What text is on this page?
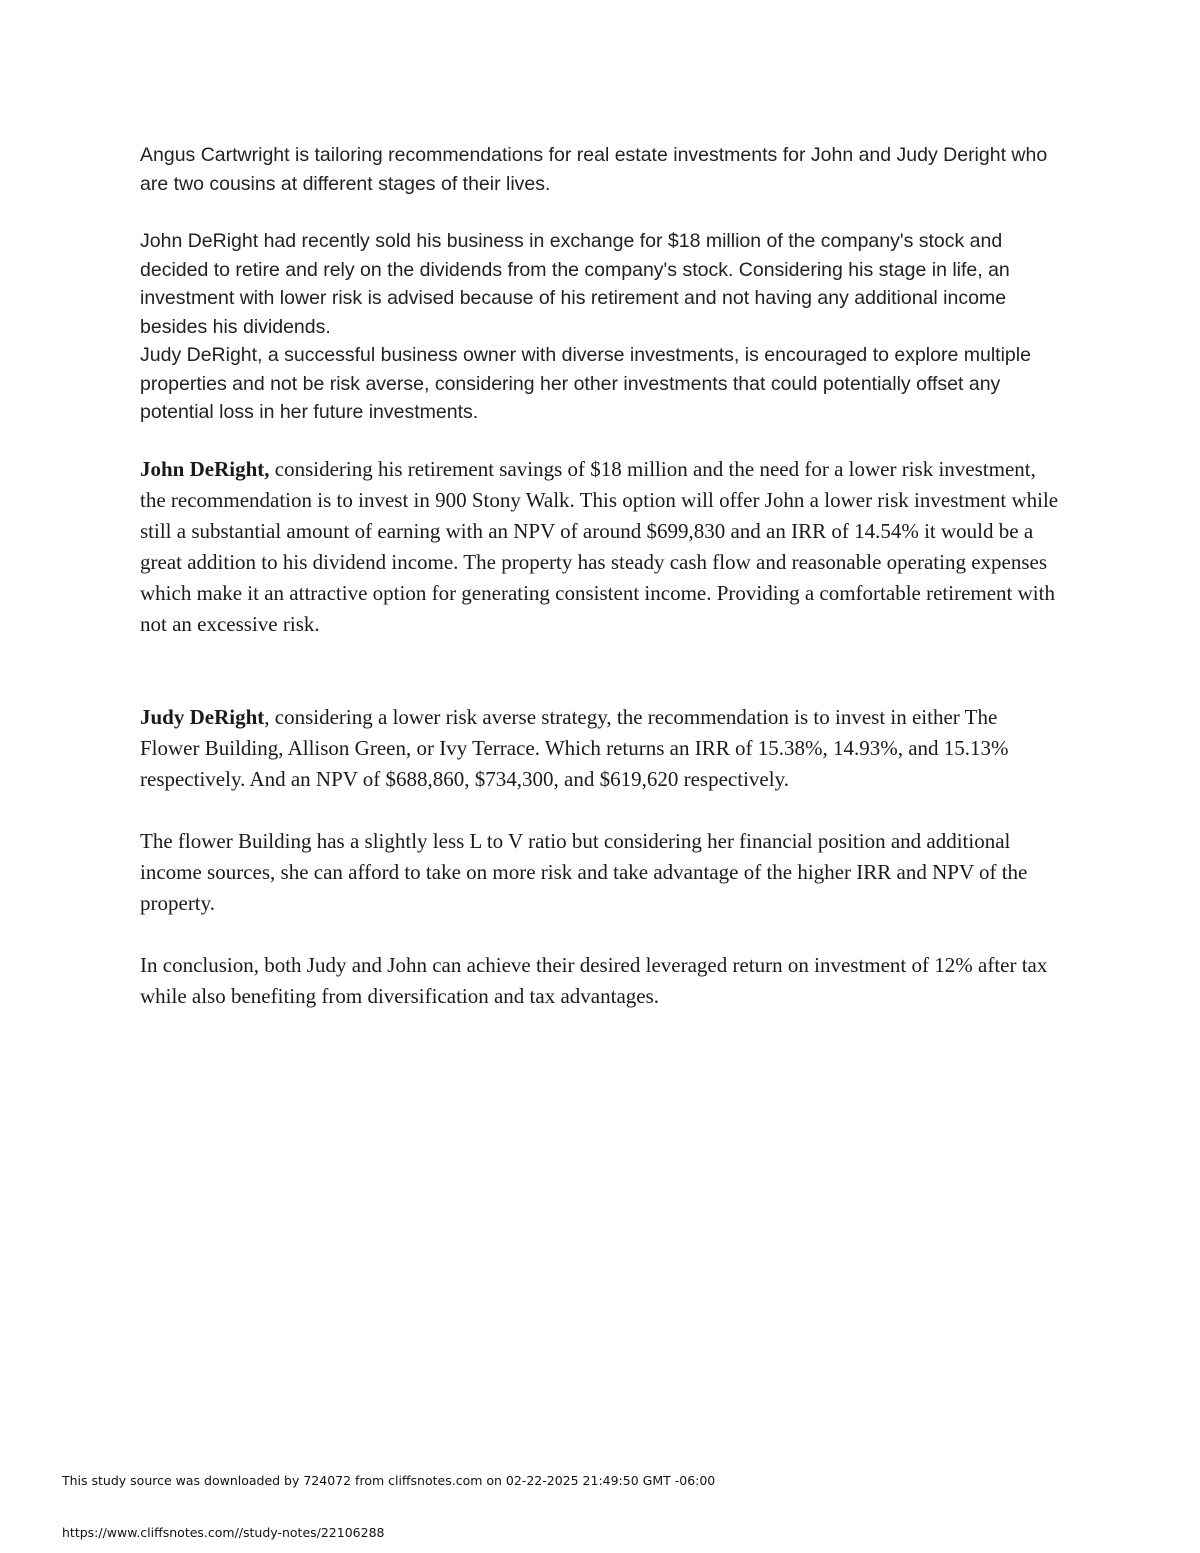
Angus Cartwright is tailoring recommendations for real estate investments for John and Judy Deright who are two cousins at different stages of their lives.

John DeRight had recently sold his business in exchange for $18 million of the company's stock and decided to retire and rely on the dividends from the company's stock. Considering his stage in life, an investment with lower risk is advised because of his retirement and not having any additional income besides his dividends.

Judy DeRight, a successful business owner with diverse investments, is encouraged to explore multiple properties and not be risk averse, considering her other investments that could potentially offset any potential loss in her future investments.

John DeRight, considering his retirement savings of $18 million and the need for a lower risk investment, the recommendation is to invest in 900 Stony Walk. This option will offer John a lower risk investment while still a substantial amount of earning with an NPV of around $699,830 and an IRR of 14.54% it would be a great addition to his dividend income. The property has steady cash flow and reasonable operating expenses which make it an attractive option for generating consistent income. Providing a comfortable retirement with not an excessive risk.

Judy DeRight, considering a lower risk averse strategy, the recommendation is to invest in either The Flower Building, Allison Green, or Ivy Terrace. Which returns an IRR of 15.38%, 14.93%, and 15.13% respectively. And an NPV of $688,860, $734,300, and $619,620 respectively.

The flower Building has a slightly less L to V ratio but considering her financial position and additional income sources, she can afford to take on more risk and take advantage of the higher IRR and NPV of the property.

In conclusion, both Judy and John can achieve their desired leveraged return on investment of 12% after tax while also benefiting from diversification and tax advantages.

This study source was downloaded by 724072 from cliffsnotes.com on 02-22-2025 21:49:50 GMT -06:00
https://www.cliffsnotes.com//study-notes/22106288
